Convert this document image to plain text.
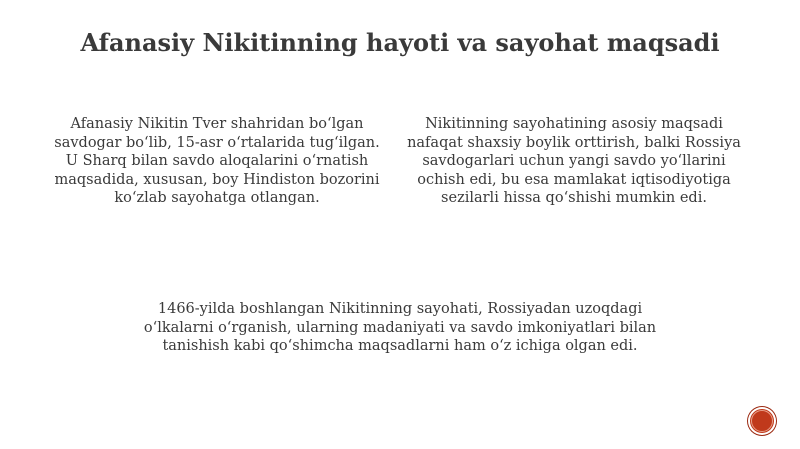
Afanasiy Nikitinning hayoti va sayohat maqsadi

Afanasiy Nikitin Tver shahridan bo‘lgan savdogar bo‘lib, 15-asr o‘rtalarida tug‘ilgan. U Sharq bilan savdo aloqalarini o‘rnatish maqsadida, xususan, boy Hindiston bozorini ko‘zlab sayohatga otlangan.

Nikitinning sayohatining asosiy maqsadi nafaqat shaxsiy boylik orttirish, balki Rossiya savdogarlari uchun yangi savdo yo‘llarini ochish edi, bu esa mamlakat iqtisodiyotiga sezilarli hissa qo‘shishi mumkin edi.

1466-yilda boshlangan Nikitinning sayohati, Rossiyadan uzoqdagi o‘lkalarni o‘rganish, ularning madaniyati va savdo imkoniyatlari bilan tanishish kabi qo‘shimcha maqsadlarni ham o‘z ichiga olgan edi.
